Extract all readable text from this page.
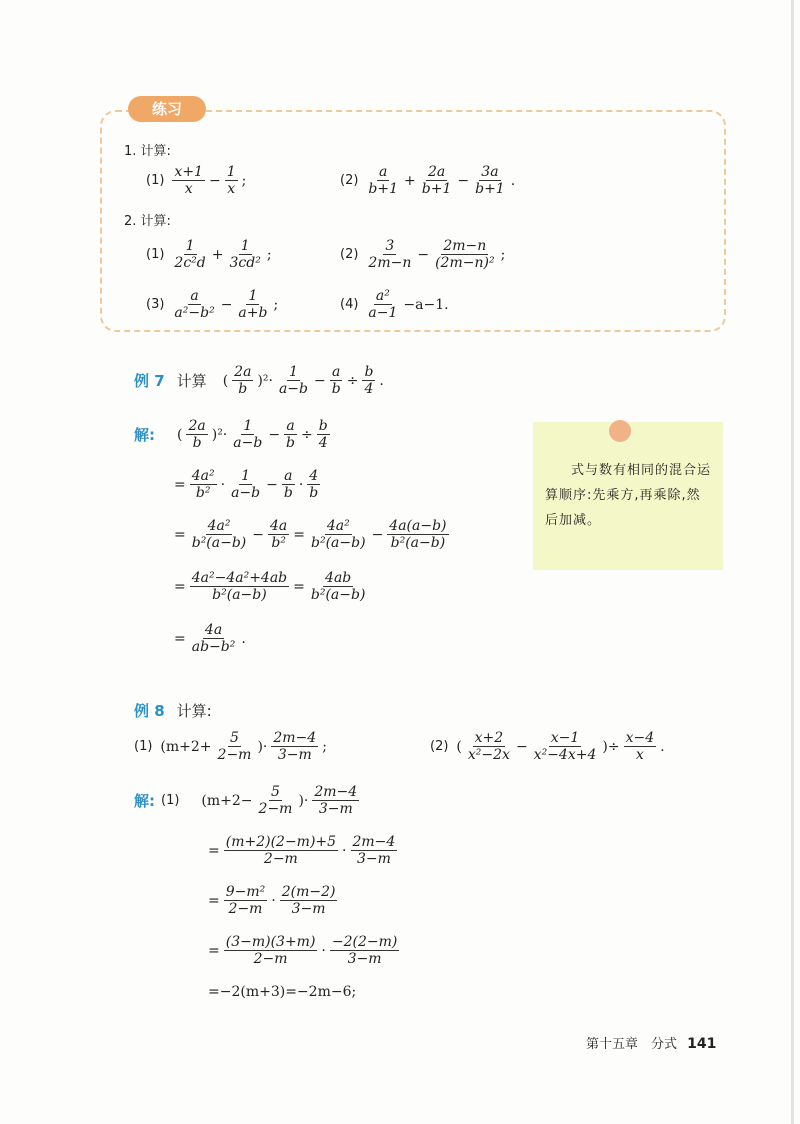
练习
1. 计算:
$(1) \frac{x+1}{x} - \frac{1}{x}$ ;	$(2) \frac{a}{b+1} + \frac{2a}{b+1} - \frac{3a}{b+1}$ .
2. 计算:
$(1) \frac{1}{\text{2c²d}} + \frac{1}{\text{3cd²}}$ ;	$(2) \frac{3}{2m-n} - \frac{2m-n}{\text{(2m−n)²}}$ ;
$(3) \frac{a}{\text{a²−b²}} - \frac{1}{a+b}$ ;	$(4) \frac{\text{a²}}{a-1} -a-1$.
例 7 计算 ( $\frac{2a}{b} )^2\cdot \frac{1}{a-b} - \frac{a}{b} \div \frac{b}{4}$ .
解: ( $\frac{2a}{b} )^2\cdot \frac{1}{a-b} - \frac{a}{b} \div \frac{b}{4}$
= $\frac{\text{4a²}}{\text{b²}} \cdot \frac{1}{a-b} - \frac{a}{b} \cdot \frac{4}{b}$
= $\frac{\text{4a²}}{\text{b²(a−b)}} - \frac{4a}{\text{b²}} = \frac{\text{4a²}}{\text{b²(a−b)}} - \frac{4a(a-b)}{\text{b²(a−b)}}$
= $\frac{\text{4a²−4a²+4ab}}{\text{b²(a−b)}} = \frac{4ab}{\text{b²(a−b)}}$
= $\frac{4a}{\text{ab−b²}}$ .
式与数有相同的混合运算顺序:先乘方,再乘除,然后加减。
例 8 计算:
(1) ($m+2+ \frac{5}{2-m}$ )· $\frac{2m-4}{3-m}$ ;	(2) ( $\frac{x+2}{\text{x²−2x}} - \frac{x-1}{\text{x²−4x+4}}$ )÷ $\frac{x-4}{x}$ .
解: (1) ($m+2- \frac{5}{2-m}$ )· $\frac{2m-4}{3-m}$
= $\frac{(m+2)(2-m)+5}{2-m} \cdot \frac{2m-4}{3-m}$
= $\frac{\text{9−m²}}{2-m} \cdot \frac{2(m-2)}{3-m}$
= $\frac{(3-m)(3+m)}{2-m} \cdot \frac{-2(2-m)}{3-m}$
=−2(m+3)=−2m−6;
第十五章　分式 141
